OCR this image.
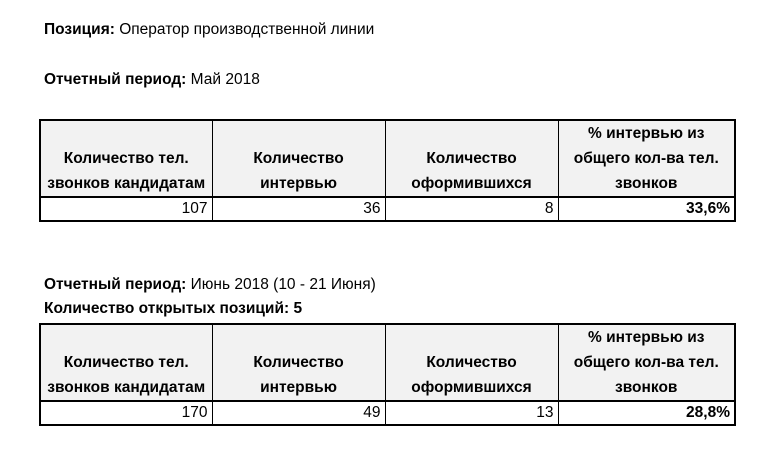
Позиция: Оператор производственной линии
Отчетный период: Май 2018
Количество тел. звонков кандидатам	Количество интервью	Количество оформившихся	% интервью из общего кол-ва тел. звонков
107	36	8	33,6%
Отчетный период: Июнь 2018 (10 - 21 Июня)
Количество открытых позиций: 5
Количество тел. звонков кандидатам	Количество интервью	Количество оформившихся	% интервью из общего кол-ва тел. звонков
170	49	13	28,8%
